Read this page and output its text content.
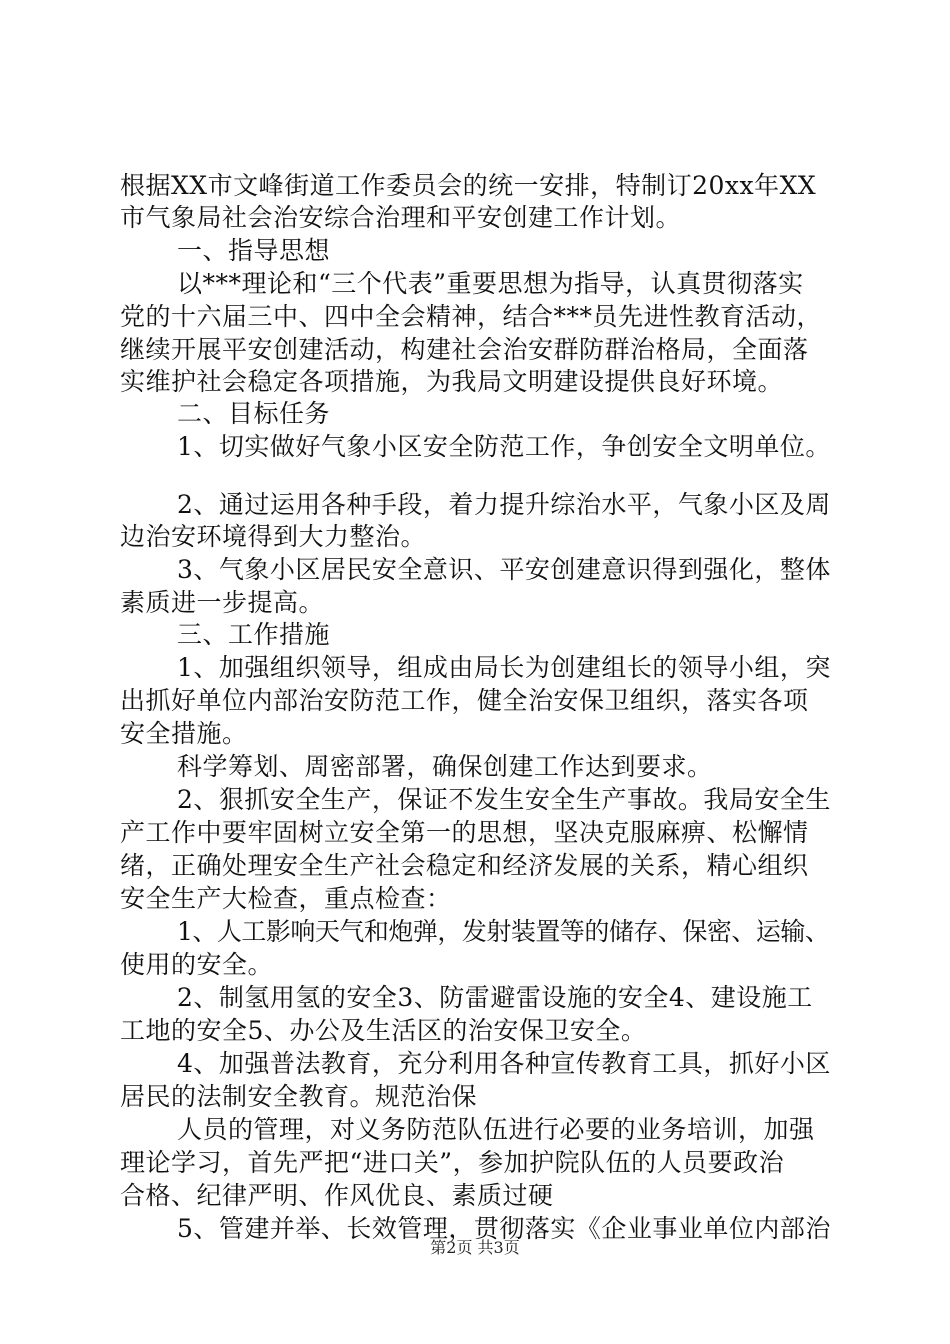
根据XX市文峰街道工作委员会的统一安排，特制订20xx年XX
市气象局社会治安综合治理和平安创建工作计划。
一、指导思想
以***理论和“三个代表”重要思想为指导，认真贯彻落实
党的十六届三中、四中全会精神，结合***员先进性教育活动，
继续开展平安创建活动，构建社会治安群防群治格局，全面落
实维护社会稳定各项措施，为我局文明建设提供良好环境。
二、目标任务
1、切实做好气象小区安全防范工作，争创安全文明单位。
2、通过运用各种手段，着力提升综治水平，气象小区及周
边治安环境得到大力整治。
3、气象小区居民安全意识、平安创建意识得到强化，整体
素质进一步提高。
三、工作措施
1、加强组织领导，组成由局长为创建组长的领导小组，突
出抓好单位内部治安防范工作，健全治安保卫组织，落实各项
安全措施。
科学筹划、周密部署，确保创建工作达到要求。
2、狠抓安全生产，保证不发生安全生产事故。我局安全生
产工作中要牢固树立安全第一的思想，坚决克服麻痹、松懈情
绪，正确处理安全生产社会稳定和经济发展的关系，精心组织
安全生产大检查，重点检查：
1、人工影响天气和炮弹，发射装置等的储存、保密、运输、
使用的安全。
2、制氢用氢的安全3、防雷避雷设施的安全4、建设施工
工地的安全5、办公及生活区的治安保卫安全。
4、加强普法教育，充分利用各种宣传教育工具，抓好小区
居民的法制安全教育。规范治保
人员的管理，对义务防范队伍进行必要的业务培训，加强
理论学习，首先严把“进口关”，参加护院队伍的人员要政治
合格、纪律严明、作风优良、素质过硬
5、管建并举、长效管理，贯彻落实《企业事业单位内部治
第2页 共3页
